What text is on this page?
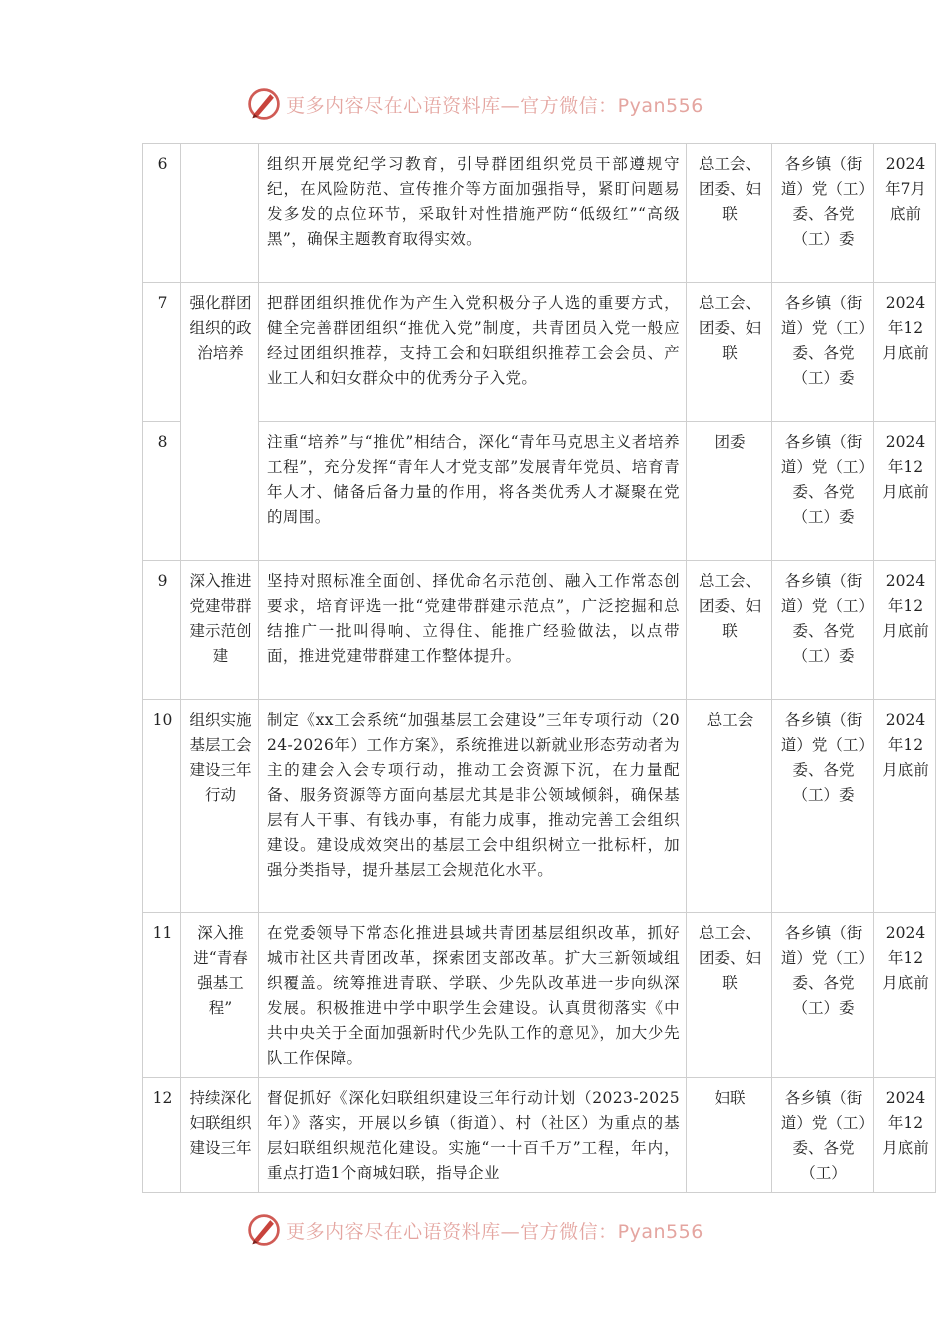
更多内容尽在心语资料库—官方微信：Pyan556
6		组织开展党纪学习教育，引导群团组织党员干部遵规守纪，在风险防范、宣传推介等方面加强指导，紧盯问题易发多发的点位环节，采取针对性措施严防“低级红”“高级黑”，确保主题教育取得实效。	总工会、团委、妇联	各乡镇（街道）党（工）委、各党（工）委	2024年7月底前
7	强化群团组织的政治培养	把群团组织推优作为产生入党积极分子人选的重要方式，健全完善群团组织“推优入党”制度，共青团员入党一般应经过团组织推荐，支持工会和妇联组织推荐工会会员、产业工人和妇女群众中的优秀分子入党。	总工会、团委、妇联	各乡镇（街道）党（工）委、各党（工）委	2024年12月底前
8		注重“培养”与“推优”相结合，深化“青年马克思主义者培养工程”，充分发挥“青年人才党支部”发展青年党员、培育青年人才、储备后备力量的作用，将各类优秀人才凝聚在党的周围。	团委	各乡镇（街道）党（工）委、各党（工）委	2024年12月底前
9	深入推进党建带群建示范创建	坚持对照标准全面创、择优命名示范创、融入工作常态创要求，培育评选一批“党建带群建示范点”，广泛挖掘和总结推广一批叫得响、立得住、能推广经验做法，以点带面，推进党建带群建工作整体提升。	总工会、团委、妇联	各乡镇（街道）党（工）委、各党（工）委	2024年12月底前
10	组织实施基层工会建设三年行动	制定《xx工会系统“加强基层工会建设”三年专项行动（2024-2026年）工作方案》，系统推进以新就业形态劳动者为主的建会入会专项行动，推动工会资源下沉，在力量配备、服务资源等方面向基层尤其是非公领域倾斜，确保基层有人干事、有钱办事，有能力成事，推动完善工会组织建设。建设成效突出的基层工会中组织树立一批标杆，加强分类指导，提升基层工会规范化水平。	总工会	各乡镇（街道）党（工）委、各党（工）委	2024年12月底前
11	深入推进“青春强基工程”	在党委领导下常态化推进县域共青团基层组织改革，抓好城市社区共青团改革，探索团支部改革。扩大三新领域组织覆盖。统筹推进青联、学联、少先队改革进一步向纵深发展。积极推进中学中职学生会建设。认真贯彻落实《中共中央关于全面加强新时代少先队工作的意见》，加大少先队工作保障。	总工会、团委、妇联	各乡镇（街道）党（工）委、各党（工）委	2024年12月底前
12	持续深化妇联组织建设三年	督促抓好《深化妇联组织建设三年行动计划（2023-2025年）》落实，开展以乡镇（街道）、村（社区）为重点的基层妇联组织规范化建设。实施“一十百千万”工程，年内，重点打造1个商城妇联，指导企业	妇联	各乡镇（街道）党（工）委、各党（工）	2024年12月底前
更多内容尽在心语资料库—官方微信：Pyan556
